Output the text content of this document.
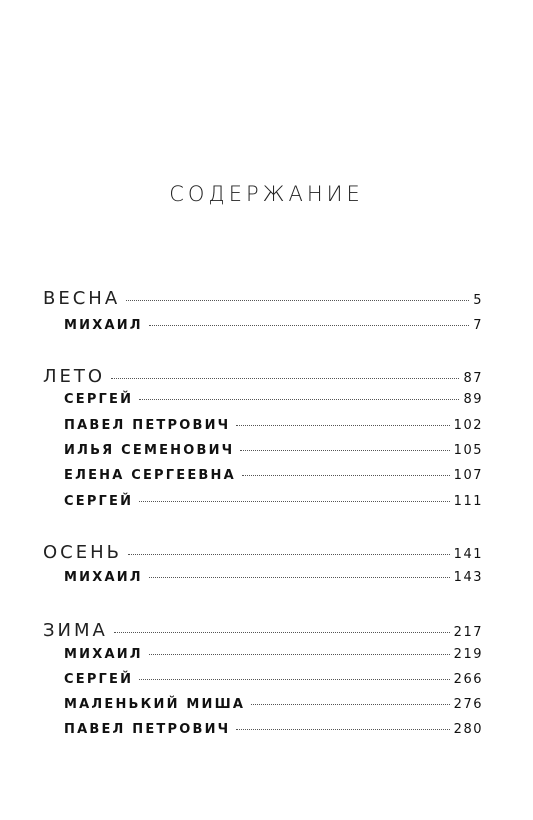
СОДЕРЖАНИЕ
ВЕСНА	5
МИХАИЛ	7
ЛЕТО	87
СЕРГЕЙ	89
ПАВЕЛ ПЕТРОВИЧ	102
ИЛЬЯ СЕМЕНОВИЧ	105
ЕЛЕНА СЕРГЕЕВНА	107
СЕРГЕЙ	111
ОСЕНЬ	141
МИХАИЛ	143
ЗИМА	217
МИХАИЛ	219
СЕРГЕЙ	266
МАЛЕНЬКИЙ МИША	276
ПАВЕЛ ПЕТРОВИЧ	280
